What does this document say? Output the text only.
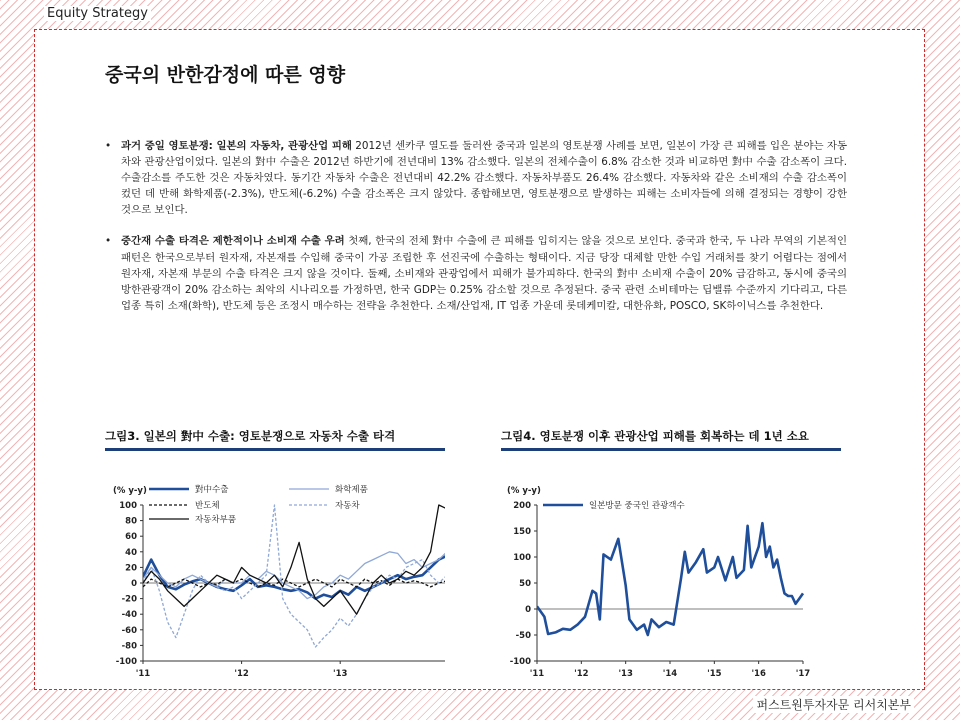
Equity Strategy
중국의 반한감정에 따른 영향
• 과거 중일 영토분쟁: 일본의 자동차, 관광산업 피해 2012년 센카쿠 열도를 둘러싼 중국과 일본의 영토분쟁 사례를 보면, 일본이 가장 큰 피해를 입은 분야는 자동차와 관광산업이었다. 일본의 對中 수출은 2012년 하반기에 전년대비 13% 감소했다. 일본의 전체수출이 6.8% 감소한 것과 비교하면 對中 수출 감소폭이 크다. 수출감소를 주도한 것은 자동차였다. 동기간 자동차 수출은 전년대비 42.2% 감소했다. 자동차부품도 26.4% 감소했다. 자동차와 같은 소비재의 수출 감소폭이 컸던 데 반해 화학제품(-2.3%), 반도체(-6.2%) 수출 감소폭은 크지 않았다. 종합해보면, 영토분쟁으로 발생하는 피해는 소비자들에 의해 결정되는 경향이 강한 것으로 보인다.
• 중간재 수출 타격은 제한적이나 소비재 수출 우려 첫째, 한국의 전체 對中 수출에 큰 피해를 입히지는 않을 것으로 보인다. 중국과 한국, 두 나라 무역의 기본적인 패턴은 한국으로부터 원자재, 자본재를 수입해 중국이 가공 조립한 후 선진국에 수출하는 형태이다. 지금 당장 대체할 만한 수입 거래처를 찾기 어렵다는 점에서 원자재, 자본재 부문의 수출 타격은 크지 않을 것이다. 둘째, 소비재와 관광업에서 피해가 불가피하다. 한국의 對中 소비재 수출이 20% 급감하고, 동시에 중국의 방한관광객이 20% 감소하는 최악의 시나리오를 가정하면, 한국 GDP는 0.25% 감소할 것으로 추정된다. 중국 관련 소비테마는 딥밸류 수준까지 기다리고, 다른 업종 특히 소재(화학), 반도체 등은 조정시 매수하는 전략을 추천한다. 소재/산업재, IT 업종 가운데 롯데케미칼, 대한유화, POSCO, SK하이닉스를 추천한다.
그림3. 일본의 對中 수출: 영토분쟁으로 자동차 수출 타격
(% y-y)
100
80
60
40
20
0
-20
-40
-60
-80
-100
'11	'12	'13
對中수출	화학제품
반도체	자동차
자동차부품
그림4. 영토분쟁 이후 관광산업 피해를 회복하는 데 1년 소요
(% y-y)
200
150
100
50
0
-50
-100
'11	'12	'13	'14	'15	'16	'17
일본방문 중국인 관광객수
퍼스트원투자자문 리서치본부
